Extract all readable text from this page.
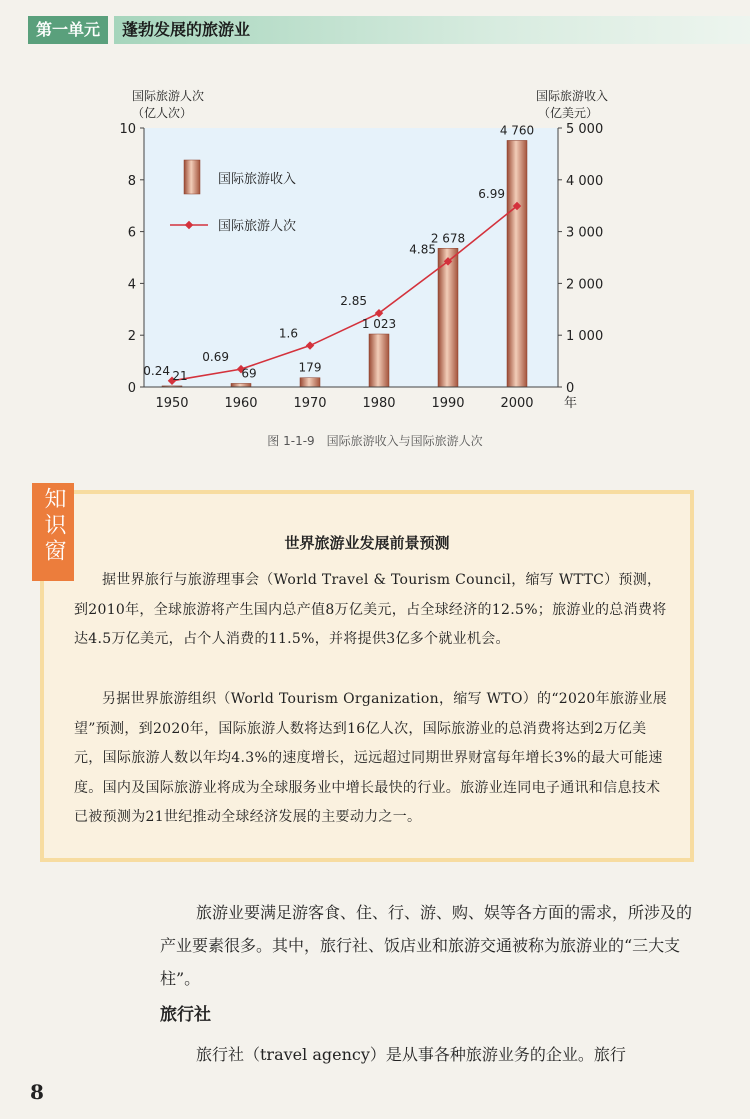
第一单元	蓬勃发展的旅游业
0
2
4
6
8
10
0
1 000
2 000
3 000
4 000
5 000
国际旅游人次
（亿人次）
国际旅游收入
（亿美元）
1950	1960	1970	1980	1990	2000 年
21	69	179
1 023
2 678
4 760
0.24
0.69
1.6
2.85
4.85
6.99
国际旅游收入
国际旅游人次
图 1-1-9　国际旅游收入与国际旅游人次
知识窗	世界旅游业发展前景预测
据世界旅行与旅游理事会（World Travel & Tourism Council，缩写 WTTC）预测，到2010年，全球旅游将产生国内总产值8万亿美元，占全球经济的12.5%；旅游业的总消费将达4.5万亿美元，占个人消费的11.5%，并将提供3亿多个就业机会。
另据世界旅游组织（World Tourism Organization，缩写 WTO）的“2020年旅游业展望”预测，到2020年，国际旅游人数将达到16亿人次，国际旅游业的总消费将达到2万亿美元，国际旅游人数以年均4.3%的速度增长，远远超过同期世界财富每年增长3%的最大可能速度。国内及国际旅游业将成为全球服务业中增长最快的行业。旅游业连同电子通讯和信息技术已被预测为21世纪推动全球经济发展的主要动力之一。
旅游业要满足游客食、住、行、游、购、娱等各方面的需求，所涉及的产业要素很多。其中，旅行社、饭店业和旅游交通被称为旅游业的“三大支柱”。
旅行社
旅行社（travel agency）是从事各种旅游业务的企业。旅行
8
